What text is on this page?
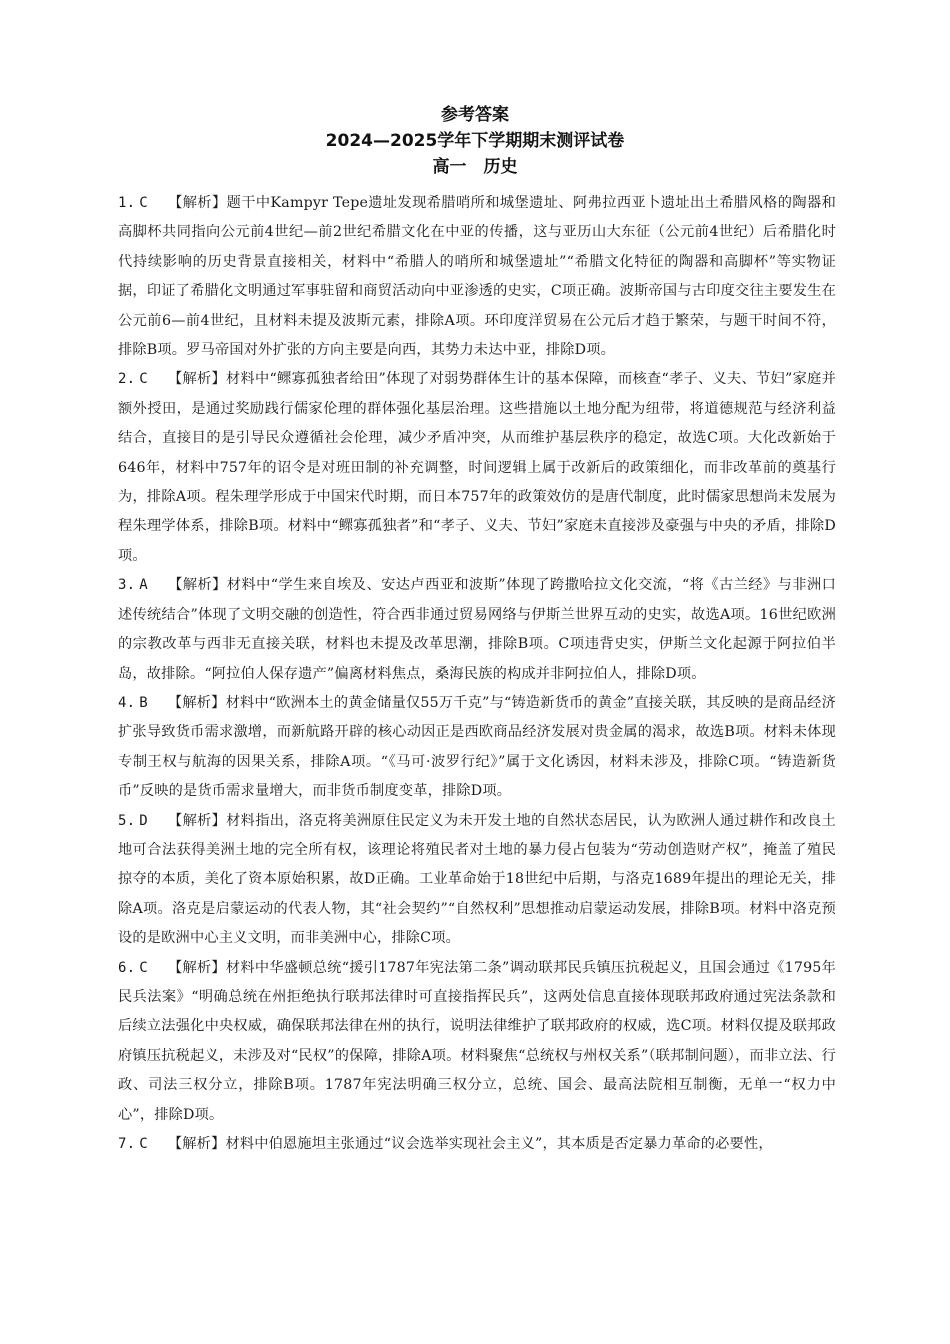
参考答案
2024—2025学年下学期期末测评试卷
高一　历史
1. C 【解析】题干中Kampyr Tepe遗址发现希腊哨所和城堡遗址、阿弗拉西亚卜遗址出土希腊风格的陶器和高脚杯共同指向公元前4世纪—前2世纪希腊文化在中亚的传播，这与亚历山大东征（公元前4世纪）后希腊化时代持续影响的历史背景直接相关，材料中“希腊人的哨所和城堡遗址”“希腊文化特征的陶器和高脚杯”等实物证据，印证了希腊化文明通过军事驻留和商贸活动向中亚渗透的史实，C项正确。波斯帝国与古印度交往主要发生在公元前6—前4世纪，且材料未提及波斯元素，排除A项。环印度洋贸易在公元后才趋于繁荣，与题干时间不符，排除B项。罗马帝国对外扩张的方向主要是向西，其势力未达中亚，排除D项。
2. C 【解析】材料中“鳏寡孤独者给田”体现了对弱势群体生计的基本保障，而核查“孝子、义夫、节妇”家庭并额外授田，是通过奖励践行儒家伦理的群体强化基层治理。这些措施以土地分配为纽带，将道德规范与经济利益结合，直接目的是引导民众遵循社会伦理，减少矛盾冲突，从而维护基层秩序的稳定，故选C项。大化改新始于646年，材料中757年的诏令是对班田制的补充调整，时间逻辑上属于改新后的政策细化，而非改革前的奠基行为，排除A项。程朱理学形成于中国宋代时期，而日本757年的政策效仿的是唐代制度，此时儒家思想尚未发展为程朱理学体系，排除B项。材料中“鳏寡孤独者”和“孝子、义夫、节妇”家庭未直接涉及豪强与中央的矛盾，排除D项。
3. A 【解析】材料中“学生来自埃及、安达卢西亚和波斯”体现了跨撒哈拉文化交流，“将《古兰经》与非洲口述传统结合”体现了文明交融的创造性，符合西非通过贸易网络与伊斯兰世界互动的史实，故选A项。16世纪欧洲的宗教改革与西非无直接关联，材料也未提及改革思潮，排除B项。C项违背史实，伊斯兰文化起源于阿拉伯半岛，故排除。“阿拉伯人保存遗产”偏离材料焦点，桑海民族的构成并非阿拉伯人，排除D项。
4. B 【解析】材料中“欧洲本土的黄金储量仅55万千克”与“铸造新货币的黄金”直接关联，其反映的是商品经济扩张导致货币需求激增，而新航路开辟的核心动因正是西欧商品经济发展对贵金属的渴求，故选B项。材料未体现专制王权与航海的因果关系，排除A项。“《马可·波罗行纪》”属于文化诱因，材料未涉及，排除C项。“铸造新货币”反映的是货币需求量增大，而非货币制度变革，排除D项。
5. D 【解析】材料指出，洛克将美洲原住民定义为未开发土地的自然状态居民，认为欧洲人通过耕作和改良土地可合法获得美洲土地的完全所有权，该理论将殖民者对土地的暴力侵占包装为“劳动创造财产权”，掩盖了殖民掠夺的本质，美化了资本原始积累，故D正确。工业革命始于18世纪中后期，与洛克1689年提出的理论无关，排除A项。洛克是启蒙运动的代表人物，其“社会契约”“自然权利”思想推动启蒙运动发展，排除B项。材料中洛克预设的是欧洲中心主义文明，而非美洲中心，排除C项。
6. C 【解析】材料中华盛顿总统“援引1787年宪法第二条”调动联邦民兵镇压抗税起义，且国会通过《1795年民兵法案》“明确总统在州拒绝执行联邦法律时可直接指挥民兵”，这两处信息直接体现联邦政府通过宪法条款和后续立法强化中央权威，确保联邦法律在州的执行，说明法律维护了联邦政府的权威，选C项。材料仅提及联邦政府镇压抗税起义，未涉及对“民权”的保障，排除A项。材料聚焦“总统权与州权关系”（联邦制问题），而非立法、行政、司法三权分立，排除B项。1787年宪法明确三权分立，总统、国会、最高法院相互制衡，无单一“权力中心”，排除D项。
7. C 【解析】材料中伯恩施坦主张通过“议会选举实现社会主义”，其本质是否定暴力革命的必要性，
